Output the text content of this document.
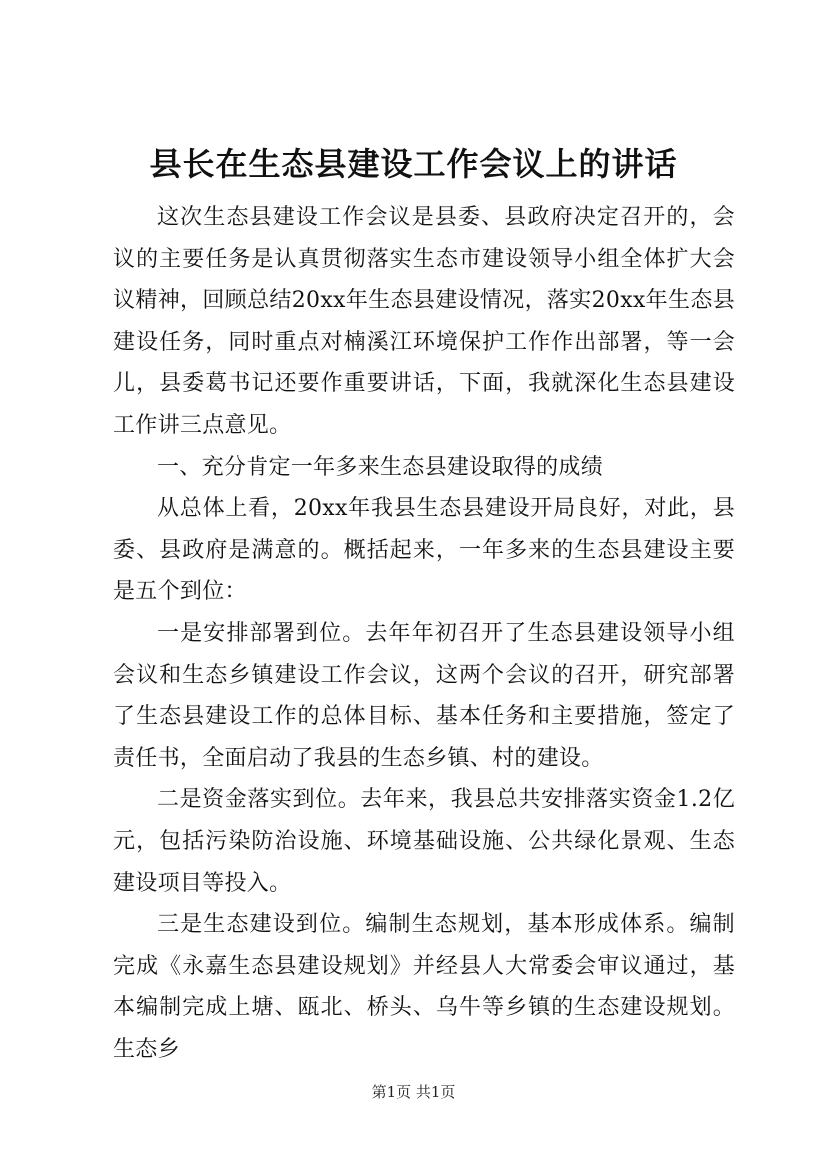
县长在生态县建设工作会议上的讲话

这次生态县建设工作会议是县委、县政府决定召开的，会议的主要任务是认真贯彻落实生态市建设领导小组全体扩大会议精神，回顾总结20xx年生态县建设情况，落实20xx年生态县建设任务，同时重点对楠溪江环境保护工作作出部署，等一会儿，县委葛书记还要作重要讲话，下面，我就深化生态县建设工作讲三点意见。

一、充分肯定一年多来生态县建设取得的成绩

从总体上看，20xx年我县生态县建设开局良好，对此，县委、县政府是满意的。概括起来，一年多来的生态县建设主要是五个到位：

一是安排部署到位。去年年初召开了生态县建设领导小组会议和生态乡镇建设工作会议，这两个会议的召开，研究部署了生态县建设工作的总体目标、基本任务和主要措施，签定了责任书，全面启动了我县的生态乡镇、村的建设。

二是资金落实到位。去年来，我县总共安排落实资金1.2亿元，包括污染防治设施、环境基础设施、公共绿化景观、生态建设项目等投入。

三是生态建设到位。编制生态规划，基本形成体系。编制完成《永嘉生态县建设规划》并经县人大常委会审议通过，基本编制完成上塘、瓯北、桥头、乌牛等乡镇的生态建设规划。生态乡

第1页 共1页
